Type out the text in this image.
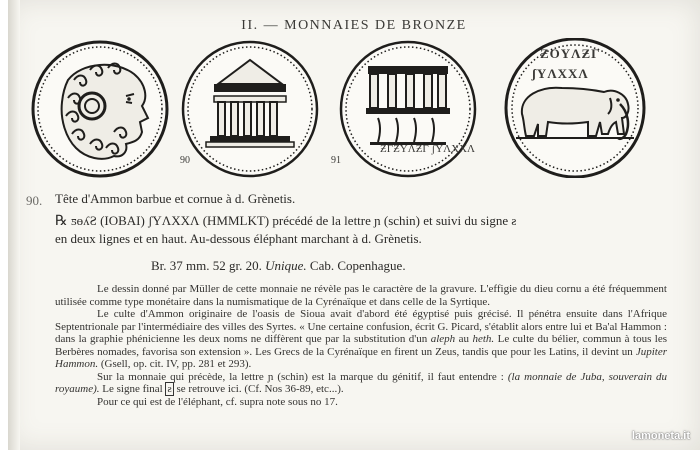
II. — MONNAIES DE BRONZE
90
ƵΓƵYɅƵΓ ʃYɅXXɅ
91
ƵOYɅƵΓ
ʃYɅXXɅ
90. Tête d'Ammon barbue et cornue à d. Grènetis.
℞ ƽɵʎƧ (IOBAI) ʃYɅXXɅ (HMMLKT) précédé de la lettre ɲ (schin) et suivi du signe ƨ
en deux lignes et en haut. Au-dessous éléphant marchant à d. Grènetis.
Br. 37 mm. 52 gr. 20. Unique. Cab. Copenhague.

Le dessin donné par Müller de cette monnaie ne révèle pas le caractère de la gravure. L'effigie du dieu cornu a été fréquemment utilisée comme type monétaire dans la numismatique de la Cyrénaïque et dans celle de la Syrtique.

Le culte d'Ammon originaire de l'oasis de Sioua avait d'abord été égyptisé puis grécisé. Il pénétra ensuite dans l'Afrique Septentrionale par l'intermédiaire des villes des Syrtes. « Une certaine confusion, écrit G. Picard, s'établit alors entre lui et Ba'al Hammon : dans la graphie phénicienne les deux noms ne diffèrent que par la substitution d'un aleph au heth. Le culte du bélier, commun à tous les Berbères nomades, favorisa son extension ». Les Grecs de la Cyrénaïque en firent un Zeus, tandis que pour les Latins, il devint un Jupiter Hammon. (Gsell, op. cit. IV, pp. 281 et 293).

Sur la monnaie qui précède, la lettre ɲ (schin) est la marque du génitif, il faut entendre : (la monnaie de Juba, souverain du royaume). Le signe final ƨ se retrouve ici. (Cf. Nos 36-89, etc...).

Pour ce qui est de l'éléphant, cf. supra note sous no 17.

lamoneta.it
